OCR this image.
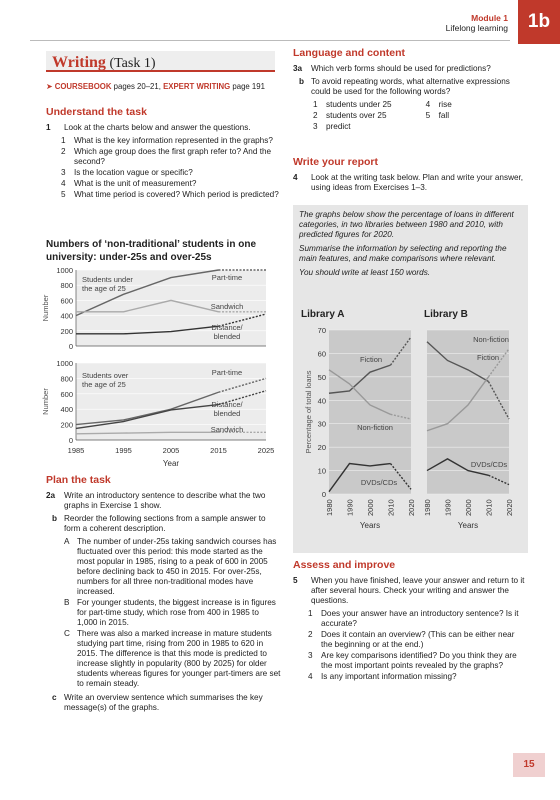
Module 1
Lifelong learning	1b
Writing (Task 1)
➤ COURSEBOOK pages 20–21, EXPERT WRITING page 191
Understand the task
1	Look at the charts below and answer the questions.
1	What is the key information represented in the graphs?
2	Which age group does the first graph refer to? And the second?
3	Is the location vague or specific?
4	What is the unit of measurement?
5	What time period is covered? Which period is predicted?
Numbers of ‘non-traditional’ students in one university: under-25s and over-25s
0
200
400
600
800
1000
Number
Part-time
Sandwich
Distance/
blended
Students under
the age of 25
0
200
400
600
800
1000
Number
Part-time
Distance/
blended
Sandwich
Students over
the age of 25
1985	1995	2005	2015	2025
Year
Plan the task
2a Write an introductory sentence to describe what the two graphs in Exercise 1 show.
b Reorder the following sections from a sample answer to form a coherent description.
A The number of under-25s taking sandwich courses has fluctuated over this period: this mode started as the most popular in 1985, rising to a peak of 600 in 2005 before declining back to 450 in 2015. For over-25s, numbers for all three non-traditional modes have increased.
B For younger students, the biggest increase is in figures for part-time study, which rose from 400 in 1985 to 1,000 in 2015.
C There was also a marked increase in mature students studying part time, rising from 200 in 1985 to 620 in 2015. The difference is that this mode is predicted to increase slightly in popularity (800 by 2025) for older students whereas figures for younger part-timers are set to remain steady.
c Write an overview sentence which summarises the key message(s) of the graphs.
Language and content
3a Which verb forms should be used for predictions?
b To avoid repeating words, what alternative expressions could be used for the following words?
1	students under 25
2	students over 25
3	predict
4	rise
5	fall
Write your report
4	Look at the writing task below. Plan and write your answer, using ideas from Exercises 1–3.

The graphs below show the percentage of loans in different categories, in two libraries between 1980 and 2010, with predicted figures for 2020.

Summarise the information by selecting and reporting the main features, and make comparisons where relevant.

You should write at least 150 words.

Library A
0
10
20
30
40
50
60
70
Fiction
Non-fiction
DVDs/CDs
1980 1990 2000 2010 2020
Years
Percentage of total loans
Library B
Non-fiction
Fiction
DVDs/CDs
1980 1990 2000 2010 2020
Years
Assess and improve
5	When you have finished, leave your answer and return to it after several hours. Check your writing and answer the questions.
1	Does your answer have an introductory sentence? Is it accurate?
2	Does it contain an overview? (This can be either near the beginning or at the end.)
3	Are key comparisons identified? Do you think they are the most important points revealed by the graphs?
4	Is any important information missing?
15
